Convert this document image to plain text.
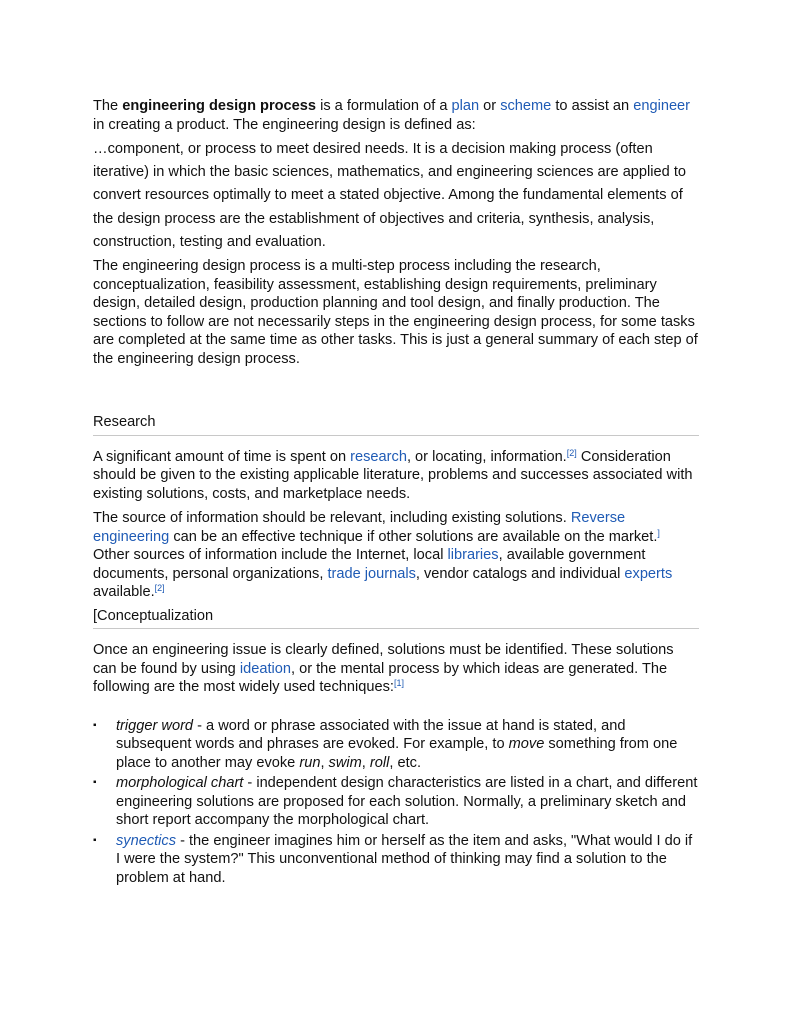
The engineering design process is a formulation of a plan or scheme to assist an engineer in creating a product. The engineering design is defined as:

…component, or process to meet desired needs. It is a decision making process (often iterative) in which the basic sciences, mathematics, and engineering sciences are applied to convert resources optimally to meet a stated objective. Among the fundamental elements of the design process are the establishment of objectives and criteria, synthesis, analysis, construction, testing and evaluation.

The engineering design process is a multi-step process including the research, conceptualization, feasibility assessment, establishing design requirements, preliminary design, detailed design, production planning and tool design, and finally production. The sections to follow are not necessarily steps in the engineering design process, for some tasks are completed at the same time as other tasks. This is just a general summary of each step of the engineering design process.

Research

A significant amount of time is spent on research, or locating, information.[2] Consideration should be given to the existing applicable literature, problems and successes associated with existing solutions, costs, and marketplace needs.

The source of information should be relevant, including existing solutions. Reverse engineering can be an effective technique if other solutions are available on the market.] Other sources of information include the Internet, local libraries, available government documents, personal organizations, trade journals, vendor catalogs and individual experts available.[2]

[Conceptualization

Once an engineering issue is clearly defined, solutions must be identified. These solutions can be found by using ideation, or the mental process by which ideas are generated. The following are the most widely used techniques:[1]

▪ trigger word - a word or phrase associated with the issue at hand is stated, and subsequent words and phrases are evoked. For example, to move something from one place to another may evoke run, swim, roll, etc.
▪ morphological chart - independent design characteristics are listed in a chart, and different engineering solutions are proposed for each solution. Normally, a preliminary sketch and short report accompany the morphological chart.
▪ synectics - the engineer imagines him or herself as the item and asks, "What would I do if I were the system?" This unconventional method of thinking may find a solution to the problem at hand.
